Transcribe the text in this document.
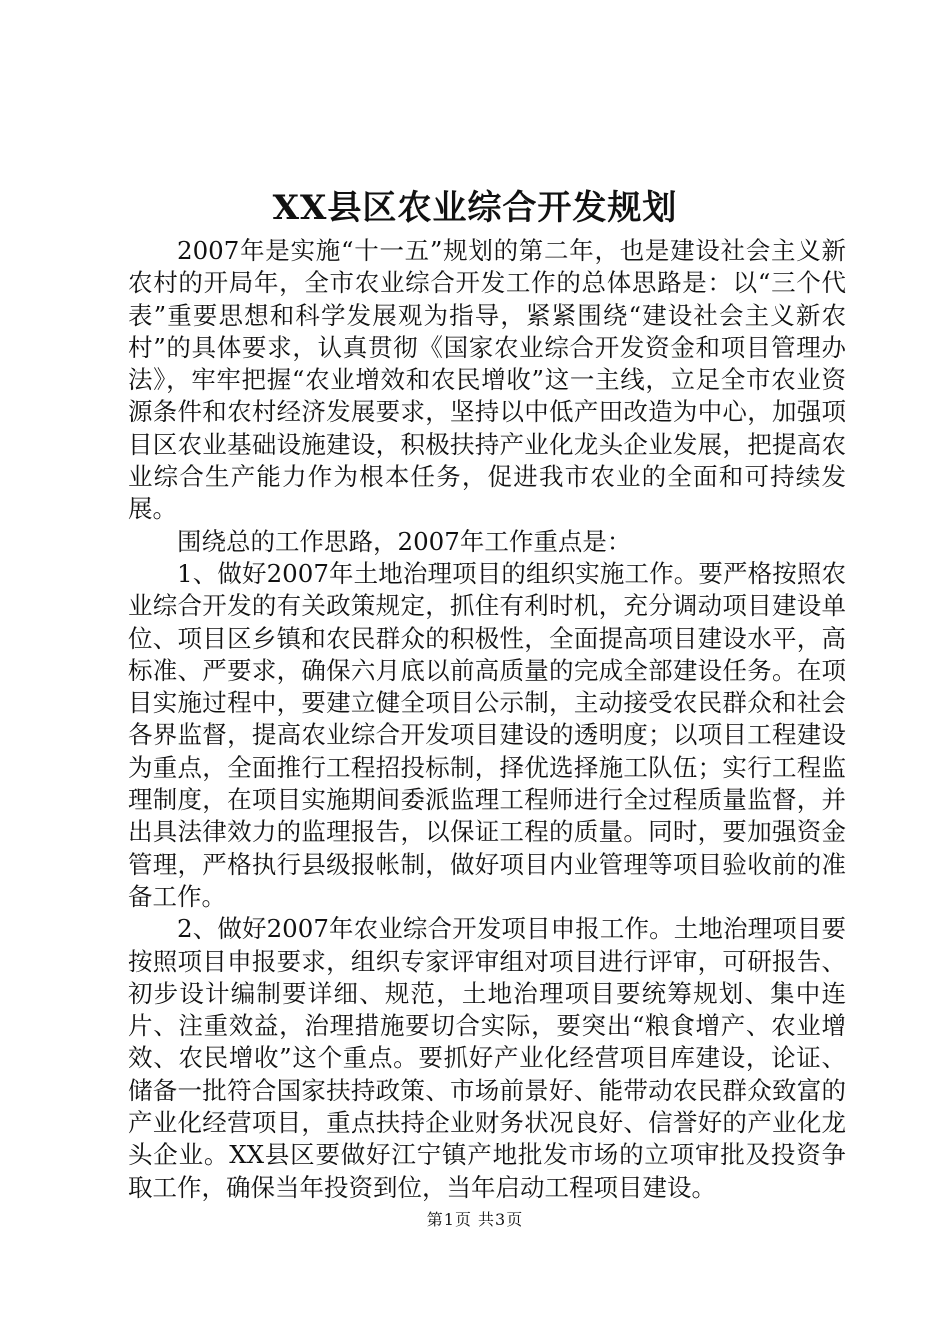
XX县区农业综合开发规划

2007年是实施“十一五”规划的第二年，也是建设社会主义新农村的开局年，全市农业综合开发工作的总体思路是：以“三个代表”重要思想和科学发展观为指导，紧紧围绕“建设社会主义新农村”的具体要求，认真贯彻《国家农业综合开发资金和项目管理办法》，牢牢把握“农业增效和农民增收”这一主线，立足全市农业资源条件和农村经济发展要求，坚持以中低产田改造为中心，加强项目区农业基础设施建设，积极扶持产业化龙头企业发展，把提高农业综合生产能力作为根本任务，促进我市农业的全面和可持续发展。

围绕总的工作思路，2007年工作重点是：

1、做好2007年土地治理项目的组织实施工作。要严格按照农业综合开发的有关政策规定，抓住有利时机，充分调动项目建设单位、项目区乡镇和农民群众的积极性，全面提高项目建设水平，高标准、严要求，确保六月底以前高质量的完成全部建设任务。在项目实施过程中，要建立健全项目公示制，主动接受农民群众和社会各界监督，提高农业综合开发项目建设的透明度；以项目工程建设为重点，全面推行工程招投标制，择优选择施工队伍；实行工程监理制度，在项目实施期间委派监理工程师进行全过程质量监督，并出具法律效力的监理报告，以保证工程的质量。同时，要加强资金管理，严格执行县级报帐制，做好项目内业管理等项目验收前的准备工作。

2、做好2007年农业综合开发项目申报工作。土地治理项目要按照项目申报要求，组织专家评审组对项目进行评审，可研报告、初步设计编制要详细、规范，土地治理项目要统筹规划、集中连片、注重效益，治理措施要切合实际，要突出“粮食增产、农业增效、农民增收”这个重点。要抓好产业化经营项目库建设，论证、储备一批符合国家扶持政策、市场前景好、能带动农民群众致富的产业化经营项目，重点扶持企业财务状况良好、信誉好的产业化龙头企业。XX县区要做好江宁镇产地批发市场的立项审批及投资争取工作，确保当年投资到位，当年启动工程项目建设。

第1页 共3页
